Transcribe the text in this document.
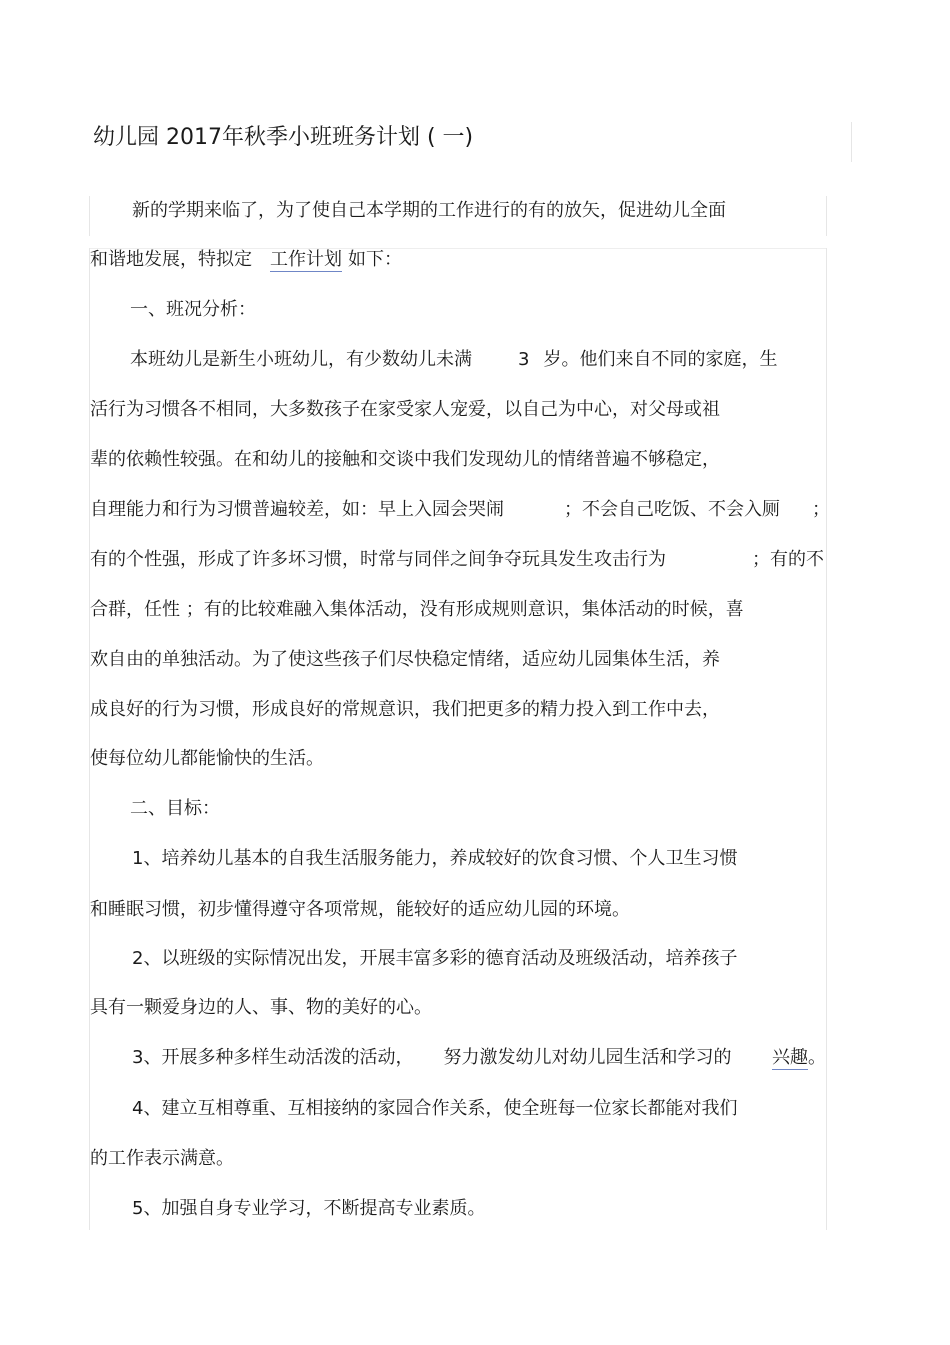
幼儿园 2017年秋季小班班务计划 ( 一)
新的学期来临了，为了使自己本学期的工作进行的有的放矢，促进幼儿全面
和谐地发展，特拟定 工作计划 如下：
一、班况分析：
本班幼儿是新生小班幼儿，有少数幼儿未满	3 岁。他们来自不同的家庭，生
活行为习惯各不相同，大多数孩子在家受家人宠爱，以自己为中心，对父母或祖
辈的依赖性较强。在和幼儿的接触和交谈中我们发现幼儿的情绪普遍不够稳定，
自理能力和行为习惯普遍较差，如：早上入园会哭闹	；不会自己吃饭、不会入厕 ；
有的个性强，形成了许多坏习惯，时常与同伴之间争夺玩具发生攻击行为	；有的不
合群，任性 ；有的比较难融入集体活动，没有形成规则意识，集体活动的时候，喜
欢自由的单独活动。为了使这些孩子们尽快稳定情绪，适应幼儿园集体生活，养
成良好的行为习惯，形成良好的常规意识，我们把更多的精力投入到工作中去，
使每位幼儿都能愉快的生活。
二、目标：
1、培养幼儿基本的自我生活服务能力，养成较好的饮食习惯、个人卫生习惯
和睡眠习惯，初步懂得遵守各项常规，能较好的适应幼儿园的环境。
2、以班级的实际情况出发，开展丰富多彩的德育活动及班级活动，培养孩子
具有一颗爱身边的人、事、物的美好的心。
3、开展多种多样生动活泼的活动， 努力激发幼儿对幼儿园生活和学习的 兴趣。
4、建立互相尊重、互相接纳的家园合作关系，使全班每一位家长都能对我们
的工作表示满意。
5、加强自身专业学习，不断提高专业素质。
